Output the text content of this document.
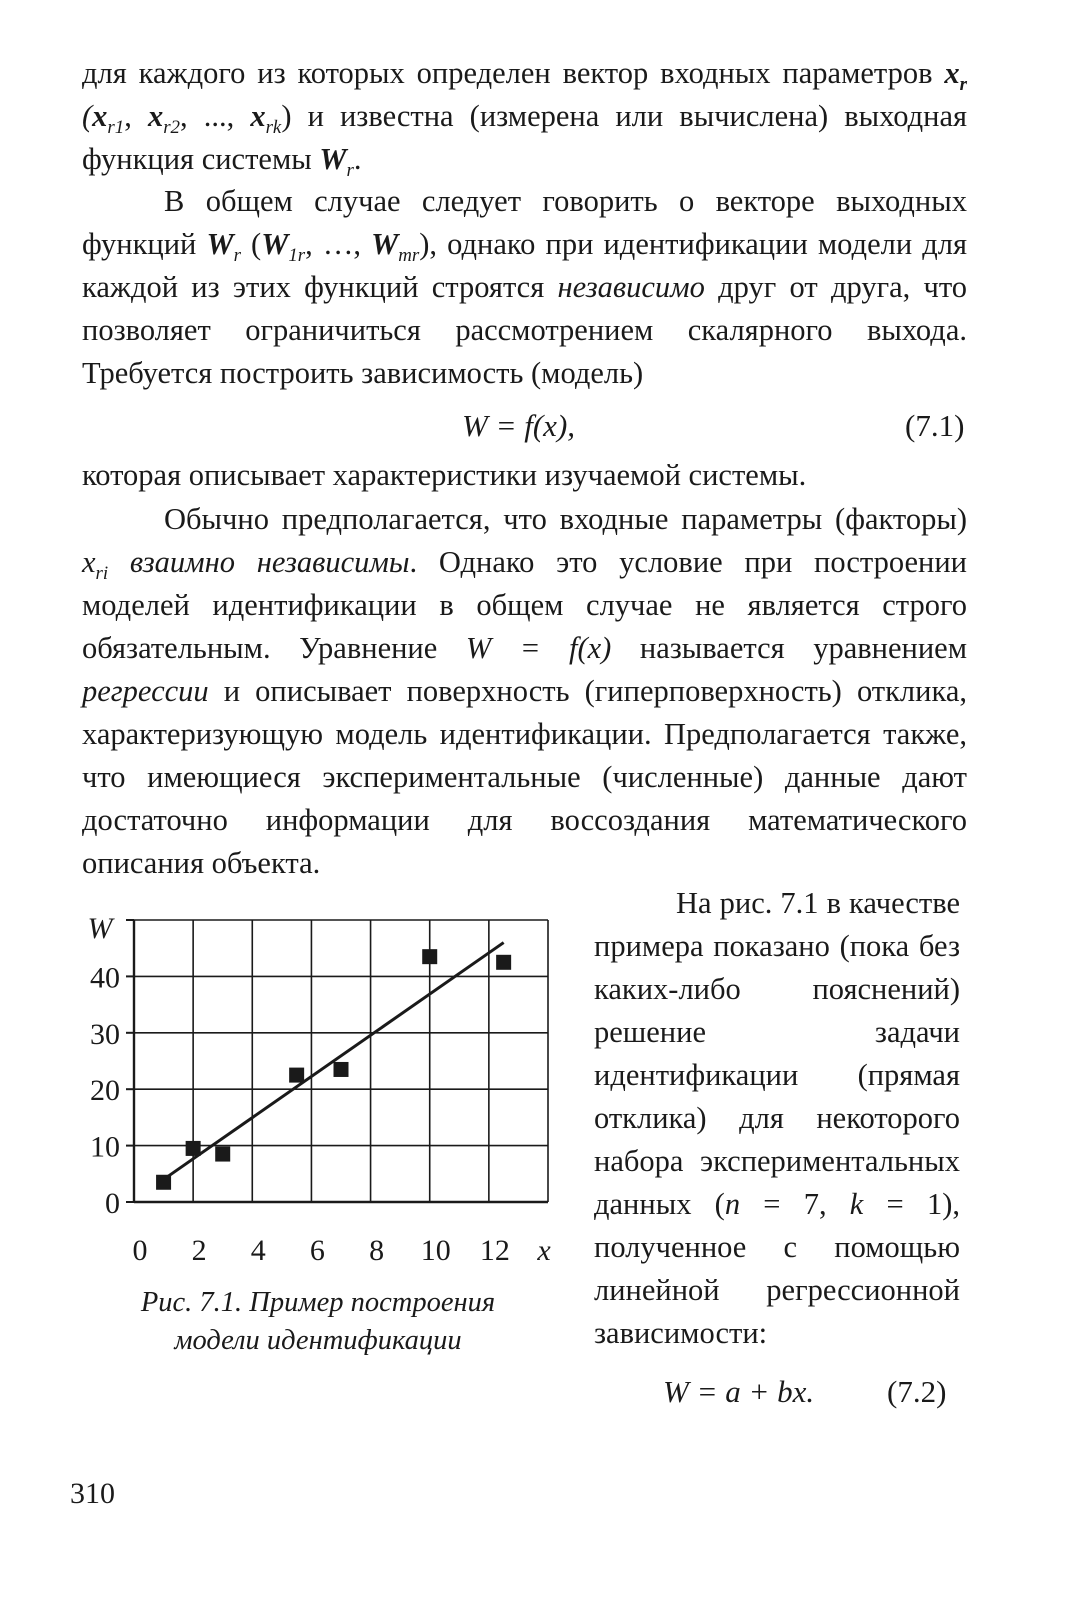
для каждого из которых определен вектор входных параметров $x_r$ ($x_{r1}$, $x_{r2}$, ..., $x_{rk}$) и известна (измерена или вычислена) выходная функция системы $W_r$.
В общем случае следует говорить о векторе выходных функций $W_r$ ($W_{1r}$, …, $W_{mr}$), однако при идентификации модели для каждой из этих функций строятся независимо друг от друга, что позволяет ограничиться рассмотрением скалярного выхода. Требуется построить зависимость (модель)
W = f(x),	(7.1)
которая описывает характеристики изучаемой системы.
Обычно предполагается, что входные параметры (факторы) $x_{ri}$ взаимно независимы. Однако это условие при построении моделей идентификации в общем случае не является строго обязательным. Уравнение W = f(x) называется уравнением регрессии и описывает поверхность (гиперповерхность) отклика, характеризующую модель идентификации. Предполагается также, что имеющиеся экспериментальные (численные) данные дают достаточно информации для воссоздания математического описания объекта.
0 2 4 6 8 10 12
0
10
20
30
40
W
x
Рис. 7.1. Пример построения
модели идентификации
На рис. 7.1 в качестве примера показано (пока без каких-либо пояснений) решение задачи идентификации (прямая отклика) для некоторого набора экспериментальных данных (n = 7, k = 1), полученное с помощью линейной регрессионной зависимости:
W = a + bx. (7.2)
310
